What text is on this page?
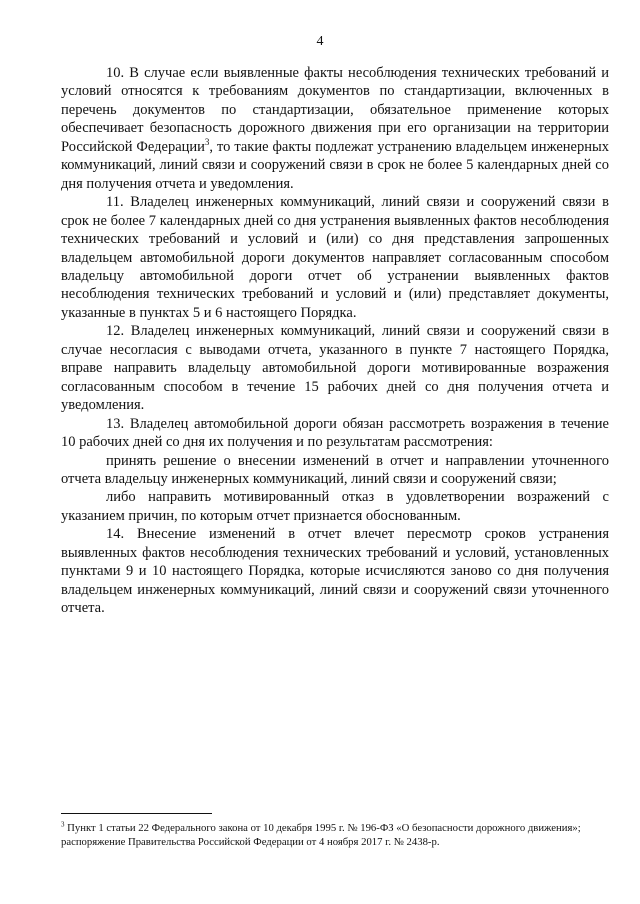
4

10. В случае если выявленные факты несоблюдения технических требований и условий относятся к требованиям документов по стандартизации, включенных в перечень документов по стандартизации, обязательное применение которых обеспечивает безопасность дорожного движения при его организации на территории Российской Федерации$^3$, то такие факты подлежат устранению владельцем инженерных коммуникаций, линий связи и сооружений связи в срок не более 5 календарных дней со дня получения отчета и уведомления.

11. Владелец инженерных коммуникаций, линий связи и сооружений связи в срок не более 7 календарных дней со дня устранения выявленных фактов несоблюдения технических требований и условий и (или) со дня представления запрошенных владельцем автомобильной дороги документов направляет согласованным способом владельцу автомобильной дороги отчет об устранении выявленных фактов несоблюдения технических требований и условий и (или) представляет документы, указанные в пунктах 5 и 6 настоящего Порядка.

12. Владелец инженерных коммуникаций, линий связи и сооружений связи в случае несогласия с выводами отчета, указанного в пункте 7 настоящего Порядка, вправе направить владельцу автомобильной дороги мотивированные возражения согласованным способом в течение 15 рабочих дней со дня получения отчета и уведомления.

13. Владелец автомобильной дороги обязан рассмотреть возражения в течение 10 рабочих дней со дня их получения и по результатам рассмотрения:

принять решение о внесении изменений в отчет и направлении уточненного отчета владельцу инженерных коммуникаций, линий связи и сооружений связи;

либо направить мотивированный отказ в удовлетворении возражений с указанием причин, по которым отчет признается обоснованным.

14. Внесение изменений в отчет влечет пересмотр сроков устранения выявленных фактов несоблюдения технических требований и условий, установленных пунктами 9 и 10 настоящего Порядка, которые исчисляются заново со дня получения владельцем инженерных коммуникаций, линий связи и сооружений связи уточненного отчета.

$^3$ Пункт 1 статьи 22 Федерального закона от 10 декабря 1995 г. № 196-ФЗ «О безопасности дорожного движения»; распоряжение Правительства Российской Федерации от 4 ноября 2017 г. № 2438-р.
